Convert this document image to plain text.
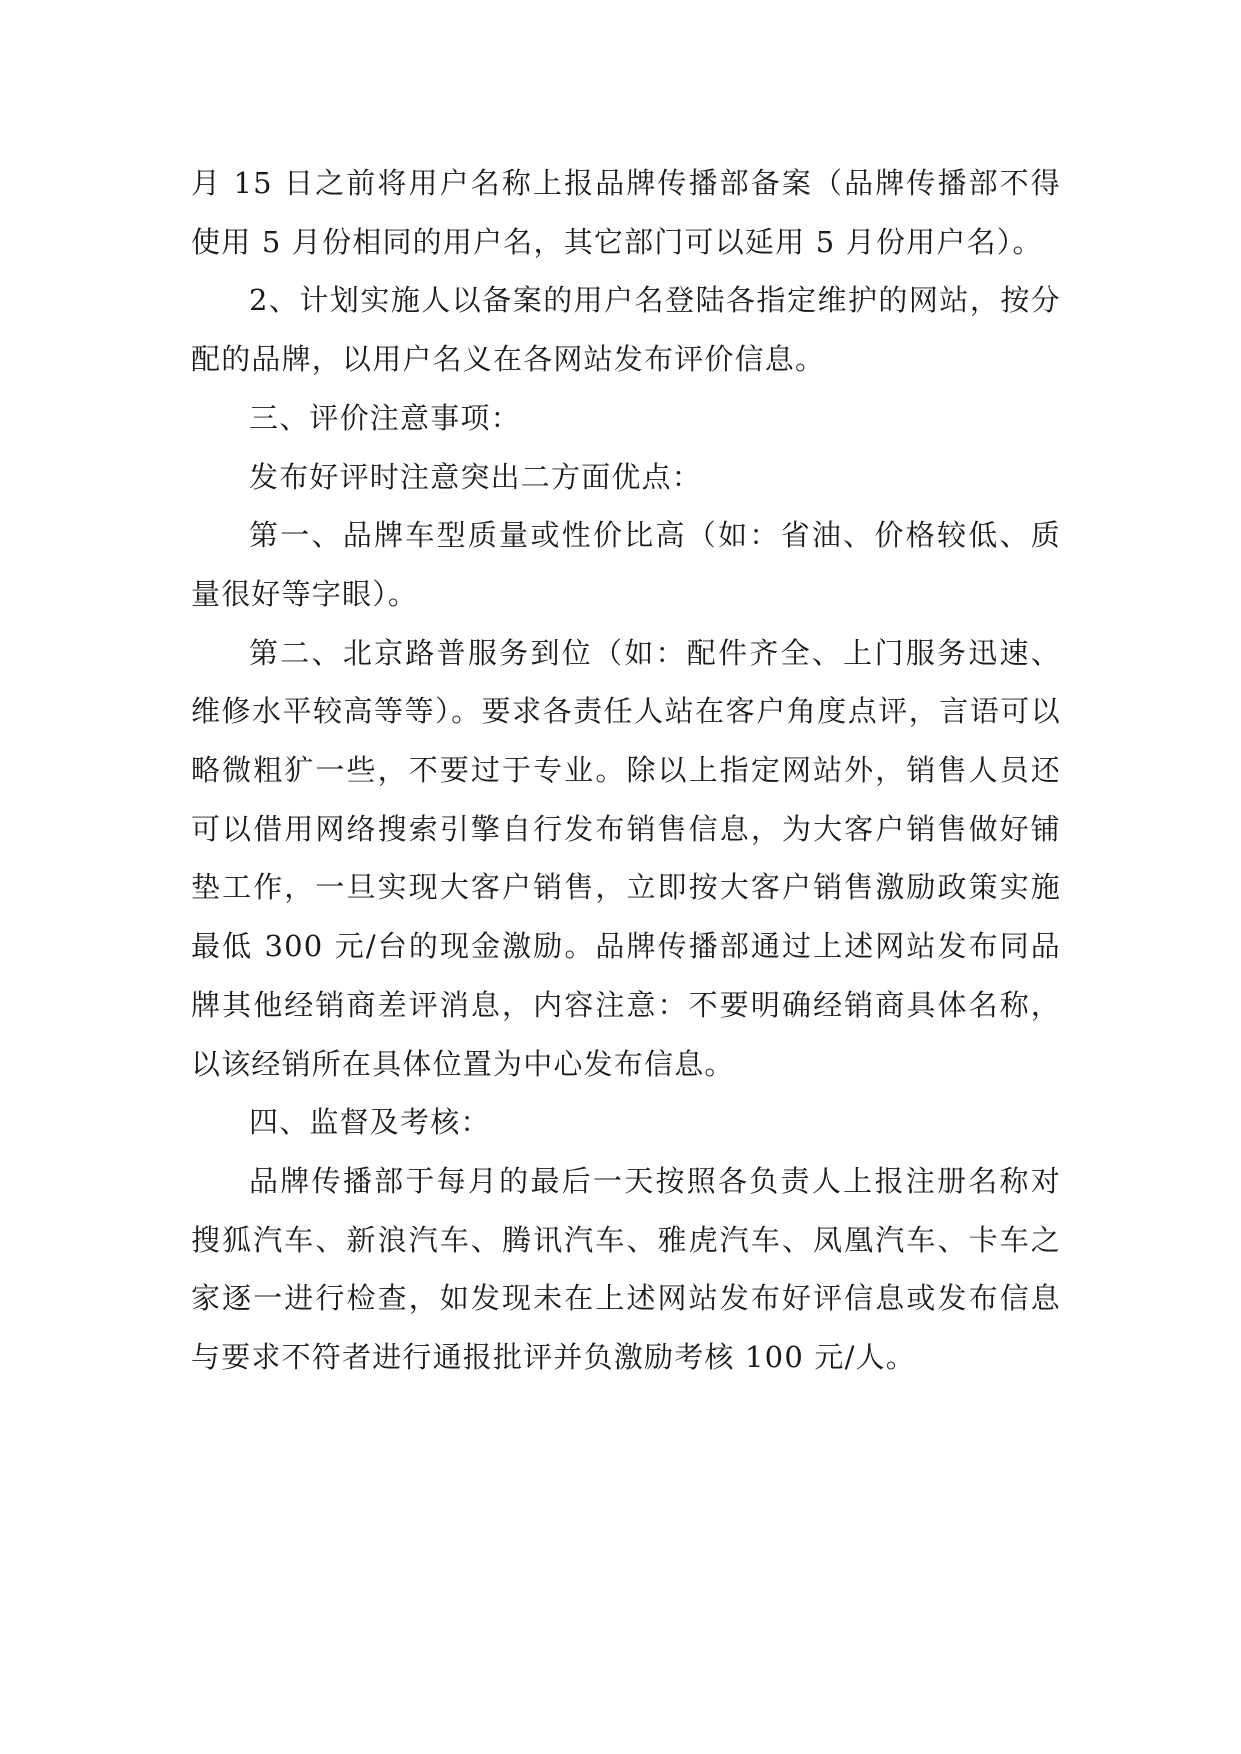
月 15 日之前将用户名称上报品牌传播部备案（品牌传播部不得使用 5 月份相同的用户名，其它部门可以延用 5 月份用户名）。

2、计划实施人以备案的用户名登陆各指定维护的网站，按分配的品牌，以用户名义在各网站发布评价信息。

三、评价注意事项：

发布好评时注意突出二方面优点：

第一、品牌车型质量或性价比高（如：省油、价格较低、质量很好等字眼）。

第二、北京路普服务到位（如：配件齐全、上门服务迅速、维修水平较高等等）。要求各责任人站在客户角度点评，言语可以略微粗犷一些，不要过于专业。除以上指定网站外，销售人员还可以借用网络搜索引擎自行发布销售信息，为大客户销售做好铺垫工作，一旦实现大客户销售，立即按大客户销售激励政策实施最低 300 元/台的现金激励。品牌传播部通过上述网站发布同品牌其他经销商差评消息，内容注意：不要明确经销商具体名称，以该经销所在具体位置为中心发布信息。

四、监督及考核：

品牌传播部于每月的最后一天按照各负责人上报注册名称对搜狐汽车、新浪汽车、腾讯汽车、雅虎汽车、凤凰汽车、卡车之家逐一进行检查，如发现未在上述网站发布好评信息或发布信息与要求不符者进行通报批评并负激励考核 100 元/人。
